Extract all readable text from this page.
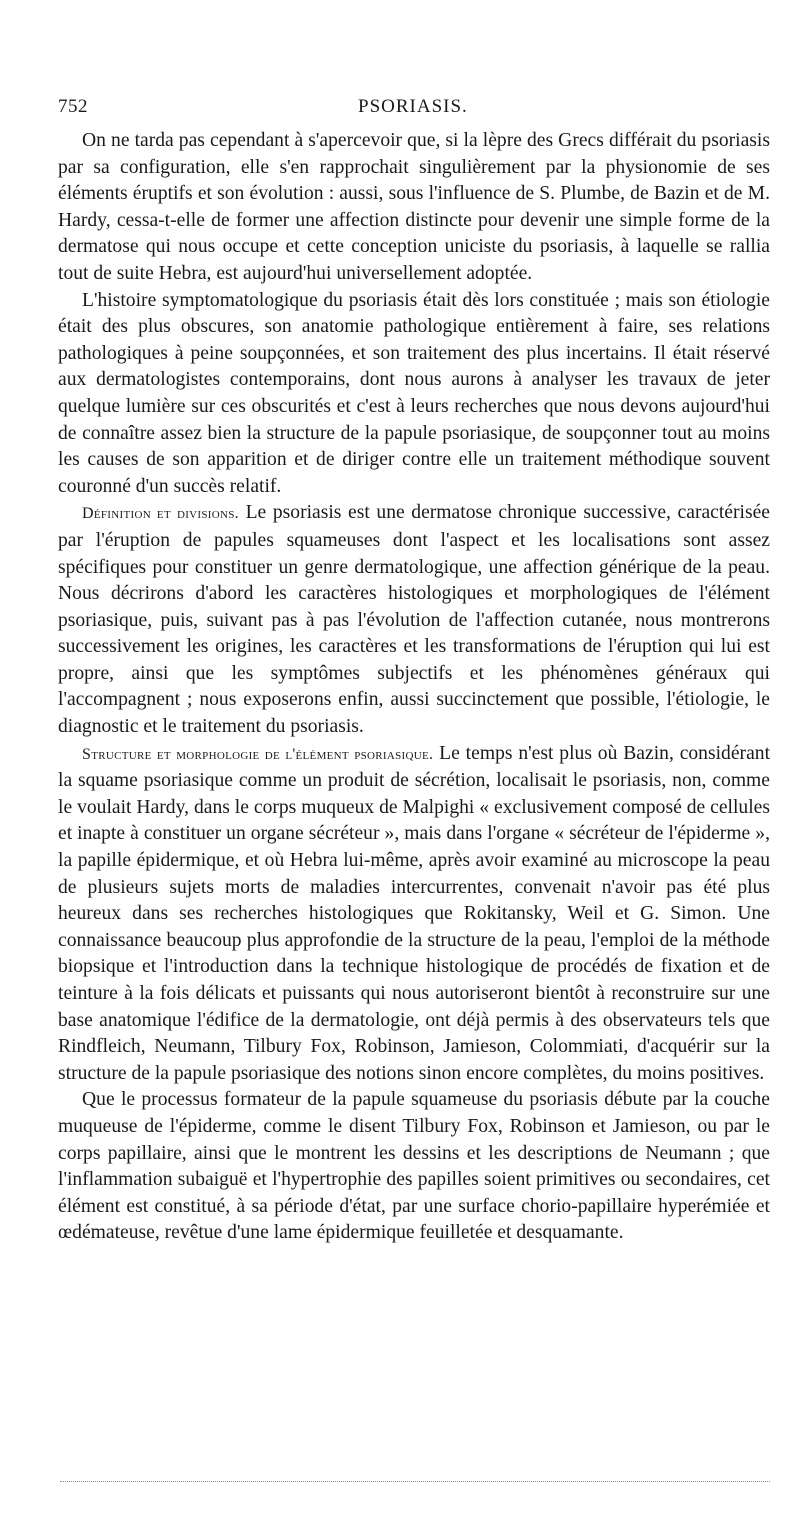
752	PSORIASIS.

On ne tarda pas cependant à s'apercevoir que, si la lèpre des Grecs différait du psoriasis par sa configuration, elle s'en rapprochait singulièrement par la physionomie de ses éléments éruptifs et son évolution : aussi, sous l'influence de S. Plumbe, de Bazin et de M. Hardy, cessa-t-elle de former une affection distincte pour devenir une simple forme de la dermatose qui nous occupe et cette conception uniciste du psoriasis, à laquelle se rallia tout de suite Hebra, est aujourd'hui universellement adoptée.

L'histoire symptomatologique du psoriasis était dès lors constituée ; mais son étiologie était des plus obscures, son anatomie pathologique entièrement à faire, ses relations pathologiques à peine soupçonnées, et son traitement des plus incertains. Il était réservé aux dermatologistes contemporains, dont nous aurons à analyser les travaux de jeter quelque lumière sur ces obscurités et c'est à leurs recherches que nous devons aujourd'hui de connaître assez bien la structure de la papule psoriasique, de soupçonner tout au moins les causes de son apparition et de diriger contre elle un traitement méthodique souvent couronné d'un succès relatif.

Définition et divisions. Le psoriasis est une dermatose chronique successive, caractérisée par l'éruption de papules squameuses dont l'aspect et les localisations sont assez spécifiques pour constituer un genre dermatologique, une affection générique de la peau. Nous décrirons d'abord les caractères histologiques et morphologiques de l'élément psoriasique, puis, suivant pas à pas l'évolution de l'affection cutanée, nous montrerons successivement les origines, les caractères et les transformations de l'éruption qui lui est propre, ainsi que les symptômes subjectifs et les phénomènes généraux qui l'accompagnent ; nous exposerons enfin, aussi succinctement que possible, l'étiologie, le diagnostic et le traitement du psoriasis.

Structure et morphologie de l'élément psoriasique. Le temps n'est plus où Bazin, considérant la squame psoriasique comme un produit de sécrétion, localisait le psoriasis, non, comme le voulait Hardy, dans le corps muqueux de Malpighi « exclusivement composé de cellules et inapte à constituer un organe sécréteur », mais dans l'organe « sécréteur de l'épiderme », la papille épidermique, et où Hebra lui-même, après avoir examiné au microscope la peau de plusieurs sujets morts de maladies intercurrentes, convenait n'avoir pas été plus heureux dans ses recherches histologiques que Rokitansky, Weil et G. Simon. Une connaissance beaucoup plus approfondie de la structure de la peau, l'emploi de la méthode biopsique et l'introduction dans la technique histologique de procédés de fixation et de teinture à la fois délicats et puissants qui nous autoriseront bientôt à reconstruire sur une base anatomique l'édifice de la dermatologie, ont déjà permis à des observateurs tels que Rindfleich, Neumann, Tilbury Fox, Robinson, Jamieson, Colommiati, d'acquérir sur la structure de la papule psoriasique des notions sinon encore complètes, du moins positives.

Que le processus formateur de la papule squameuse du psoriasis débute par la couche muqueuse de l'épiderme, comme le disent Tilbury Fox, Robinson et Jamieson, ou par le corps papillaire, ainsi que le montrent les dessins et les descriptions de Neumann ; que l'inflammation subaiguë et l'hypertrophie des papilles soient primitives ou secondaires, cet élément est constitué, à sa période d'état, par une surface chorio-papillaire hyperémiée et œdémateuse, revêtue d'une lame épidermique feuilletée et desquamante.
